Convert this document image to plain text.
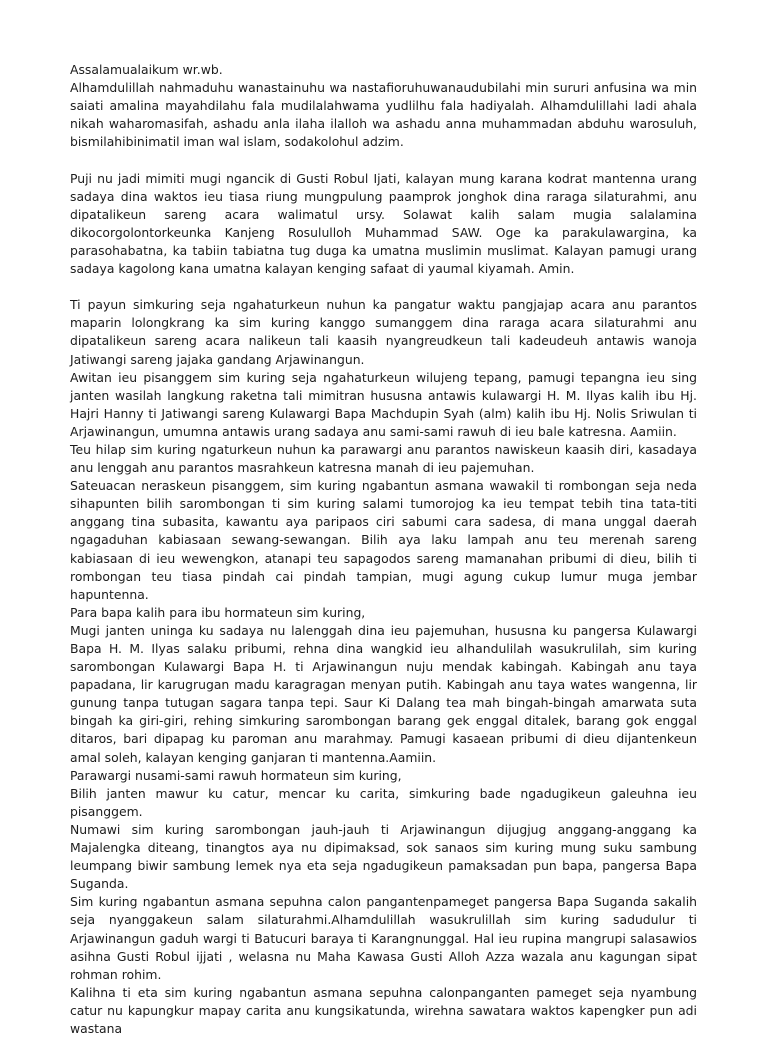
Assalamualaikum wr.wb.

Alhamdulillah nahmaduhu wanastainuhu wa nastafioruhuwanaudubilahi min sururi anfusina wa min saiati amalina mayahdilahu fala mudilalahwama yudlilhu fala hadiyalah. Alhamdulillahi ladi ahala nikah waharomasifah, ashadu anla ilaha ilalloh wa ashadu anna muhammadan abduhu warosuluh, bismilahibinimatil iman wal islam, sodakolohul adzim.

Puji nu jadi mimiti mugi ngancik di Gusti Robul Ijati, kalayan mung karana kodrat mantenna urang sadaya dina waktos ieu tiasa riung mungpulung paamprok jonghok dina raraga silaturahmi, anu dipatalikeun sareng acara walimatul ursy. Solawat kalih salam mugia salalamina dikocorgolontorkeunka Kanjeng Rosululloh Muhammad SAW. Oge ka parakulawargina, ka parasohabatna, ka tabiin tabiatna tug duga ka umatna muslimin muslimat. Kalayan pamugi urang sadaya kagolong kana umatna kalayan kenging safaat di yaumal kiyamah. Amin.

Ti payun simkuring seja ngahaturkeun nuhun ka pangatur waktu pangjajap acara anu parantos maparin lolongkrang ka sim kuring kanggo sumanggem dina raraga acara silaturahmi anu dipatalikeun sareng acara nalikeun tali kaasih nyangreudkeun tali kadeudeuh antawis wanoja Jatiwangi sareng jajaka gandang Arjawinangun.

Awitan ieu pisanggem sim kuring seja ngahaturkeun wilujeng tepang, pamugi tepangna ieu sing janten wasilah langkung raketna tali mimitran hususna antawis kulawargi H. M. Ilyas kalih ibu Hj. Hajri Hanny ti Jatiwangi sareng Kulawargi Bapa Machdupin Syah (alm) kalih ibu Hj. Nolis Sriwulan ti Arjawinangun, umumna antawis urang sadaya anu sami-sami rawuh di ieu bale katresna. Aamiin.

Teu hilap sim kuring ngaturkeun nuhun ka parawargi anu parantos nawiskeun kaasih diri, kasadaya anu lenggah anu parantos masrahkeun katresna manah di ieu pajemuhan.

Sateuacan neraskeun pisanggem, sim kuring ngabantun asmana wawakil ti rombongan seja neda sihapunten bilih sarombongan ti sim kuring salami tumorojog ka ieu tempat tebih tina tata-titi anggang tina subasita, kawantu aya paripaos ciri sabumi cara sadesa, di mana unggal daerah ngagaduhan kabiasaan sewang-sewangan. Bilih aya laku lampah anu teu merenah sareng kabiasaan di ieu wewengkon, atanapi teu sapagodos sareng mamanahan pribumi di dieu, bilih ti rombongan teu tiasa pindah cai pindah tampian, mugi agung cukup lumur muga jembar hapuntenna.

Para bapa kalih para ibu hormateun sim kuring,

Mugi janten uninga ku sadaya nu lalenggah dina ieu pajemuhan, hususna ku pangersa Kulawargi Bapa H. M. Ilyas salaku pribumi, rehna dina wangkid ieu alhandulilah wasukrulilah, sim kuring sarombongan Kulawargi Bapa H. ti Arjawinangun nuju mendak kabingah. Kabingah anu taya papadana, lir karugrugan madu karagragan menyan putih. Kabingah anu taya wates wangenna, lir gunung tanpa tutugan sagara tanpa tepi. Saur Ki Dalang tea mah bingah-bingah amarwata suta bingah ka giri-giri, rehing simkuring sarombongan barang gek enggal ditalek, barang gok enggal ditaros, bari dipapag ku paroman anu marahmay. Pamugi kasaean pribumi di dieu dijantenkeun amal soleh, kalayan kenging ganjaran ti mantenna.Aamiin.

Parawargi nusami-sami rawuh hormateun sim kuring,

Bilih janten mawur ku catur, mencar ku carita, simkuring bade ngadugikeun galeuhna ieu pisanggem.

Numawi sim kuring sarombongan jauh-jauh ti Arjawinangun dijugjug anggang-anggang ka Majalengka diteang, tinangtos aya nu dipimaksad, sok sanaos sim kuring mung suku sambung leumpang biwir sambung lemek nya eta seja ngadugikeun pamaksadan pun bapa, pangersa Bapa Suganda.

Sim kuring ngabantun asmana sepuhna calon pangantenpameget pangersa Bapa Suganda sakalih seja nyanggakeun salam silaturahmi.Alhamdulillah wasukrulillah sim kuring sadudulur ti Arjawinangun gaduh wargi ti Batucuri baraya ti Karangnunggal. Hal ieu rupina mangrupi salasawios asihna Gusti Robul ijjati , welasna nu Maha Kawasa Gusti Alloh Azza wazala anu kagungan sipat rohman rohim.

Kalihna ti eta sim kuring ngabantun asmana sepuhna calonpanganten pameget seja nyambung catur nu kapungkur mapay carita anu kungsikatunda, wirehna sawatara waktos kapengker pun adi wastana
